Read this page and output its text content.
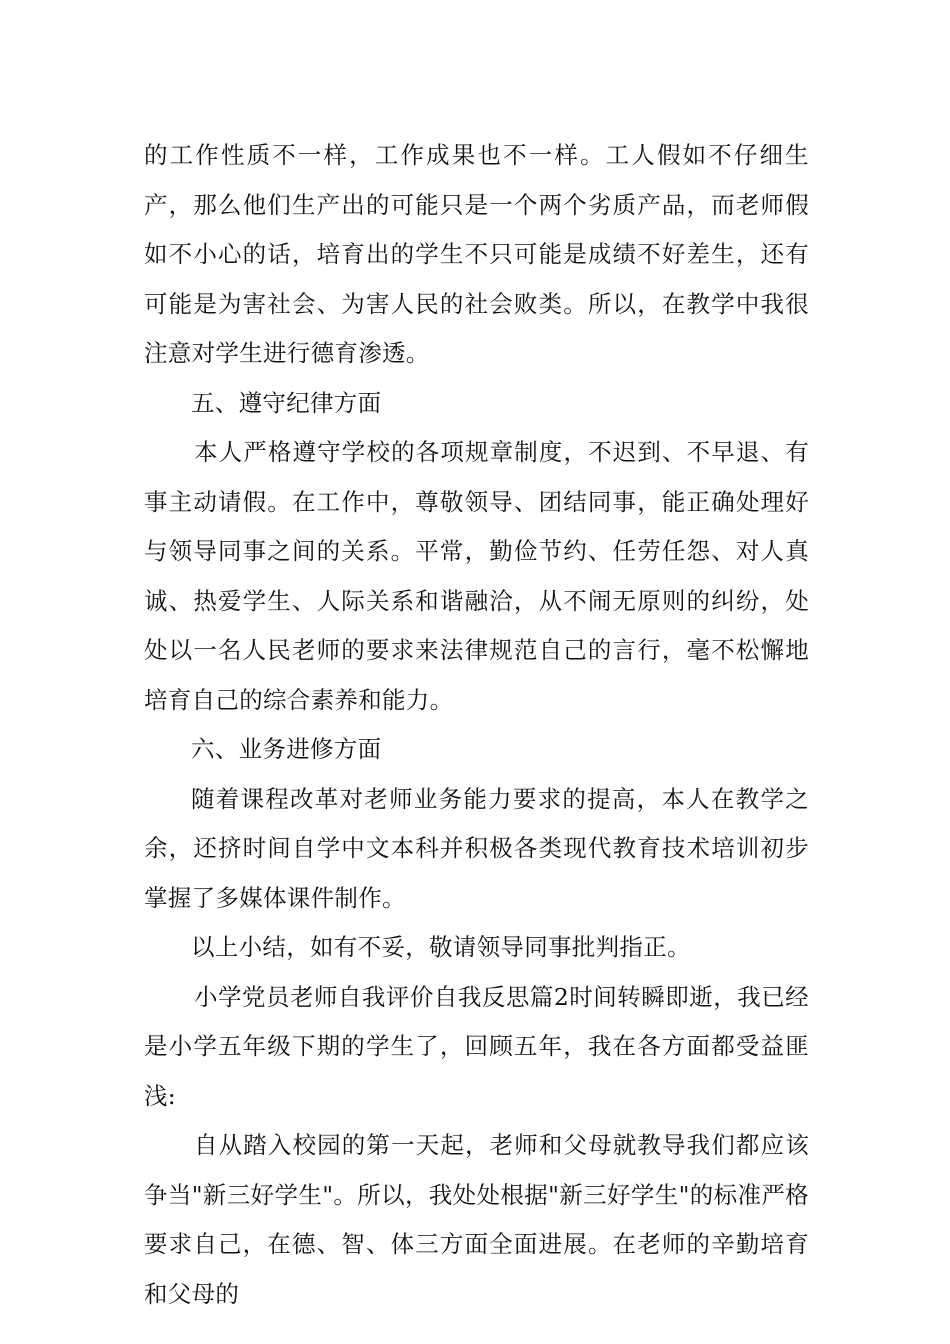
的工作性质不一样，工作成果也不一样。工人假如不仔细生产，那么他们生产出的可能只是一个两个劣质产品，而老师假如不小心的话，培育出的学生不只可能是成绩不好差生，还有可能是为害社会、为害人民的社会败类。所以，在教学中我很注意对学生进行德育渗透。

五、遵守纪律方面

本人严格遵守学校的各项规章制度，不迟到、不早退、有事主动请假。在工作中，尊敬领导、团结同事，能正确处理好与领导同事之间的关系。平常，勤俭节约、任劳任怨、对人真诚、热爱学生、人际关系和谐融洽，从不闹无原则的纠纷，处处以一名人民老师的要求来法律规范自己的言行，毫不松懈地培育自己的综合素养和能力。

六、业务进修方面

随着课程改革对老师业务能力要求的提高，本人在教学之余，还挤时间自学中文本科并积极各类现代教育技术培训初步掌握了多媒体课件制作。

以上小结，如有不妥，敬请领导同事批判指正。

小学党员老师自我评价自我反思篇2时间转瞬即逝，我已经是小学五年级下期的学生了，回顾五年，我在各方面都受益匪浅:

自从踏入校园的第一天起，老师和父母就教导我们都应该争当"新三好学生"。所以，我处处根据"新三好学生"的标准严格要求自己，在德、智、体三方面全面进展。在老师的辛勤培育和父母的
